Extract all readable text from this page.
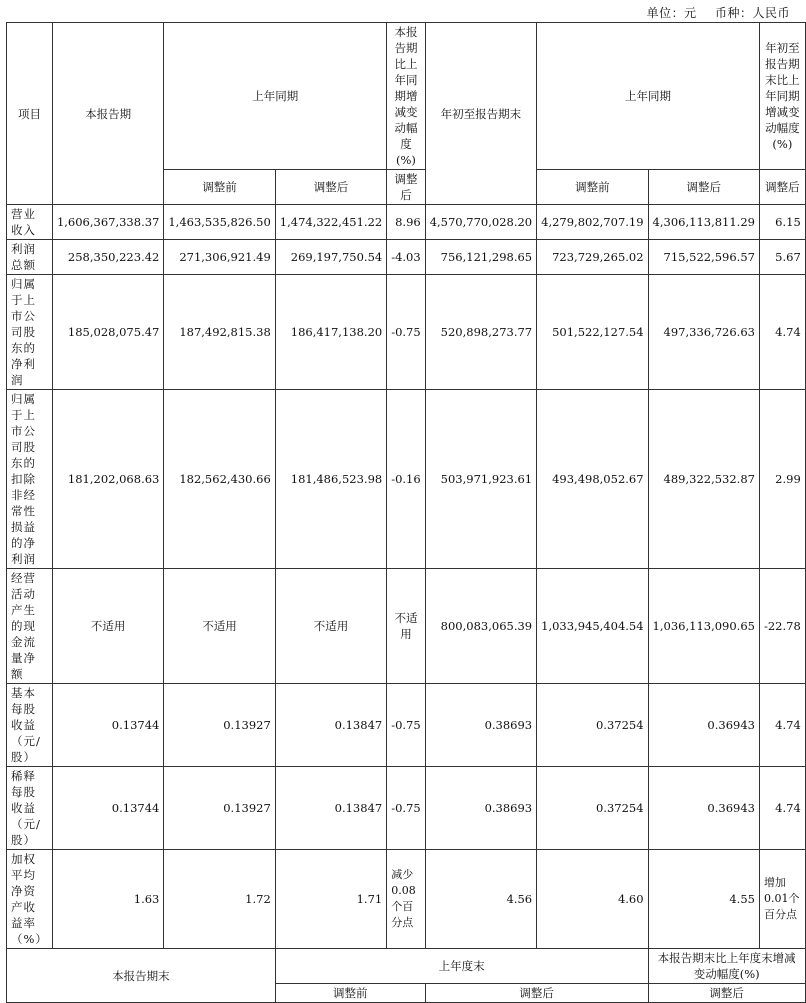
单位：元 币种：人民币
项目	本报告期	上年同期		本报告期比上年同期增减变动幅度(%)	年初至报告期末	上年同期		年初至报告期末比上年同期增减变动幅度(%)
		调整前	调整后	调整后		调整前	调整后	调整后
营业收入	1,606,367,338.37	1,463,535,826.50	1,474,322,451.22	8.96	4,570,770,028.20	4,279,802,707.19	4,306,113,811.29	6.15
利润总额	258,350,223.42	271,306,921.49	269,197,750.54	-4.03	756,121,298.65	723,729,265.02	715,522,596.57	5.67
归属于上市公司股东的净利润	185,028,075.47	187,492,815.38	186,417,138.20	-0.75	520,898,273.77	501,522,127.54	497,336,726.63	4.74
归属于上市公司股东的扣除非经常性损益的净利润	181,202,068.63	182,562,430.66	181,486,523.98	-0.16	503,971,923.61	493,498,052.67	489,322,532.87	2.99
经营活动产生的现金流量净额	不适用	不适用	不适用	不适用	800,083,065.39	1,033,945,404.54	1,036,113,090.65	-22.78
基本每股收益（元/股）	0.13744	0.13927	0.13847	-0.75	0.38693	0.37254	0.36943	4.74
稀释每股收益（元/股）	0.13744	0.13927	0.13847	-0.75	0.38693	0.37254	0.36943	4.74
加权平均净资产收益率（%）	1.63	1.72	1.71	减少0.08个百分点	4.56	4.60	4.55	增加0.01个百分点
本报告期末			上年度末				本报告期末比上年度末增减变动幅度(%)	
			调整前		调整后		调整后	
